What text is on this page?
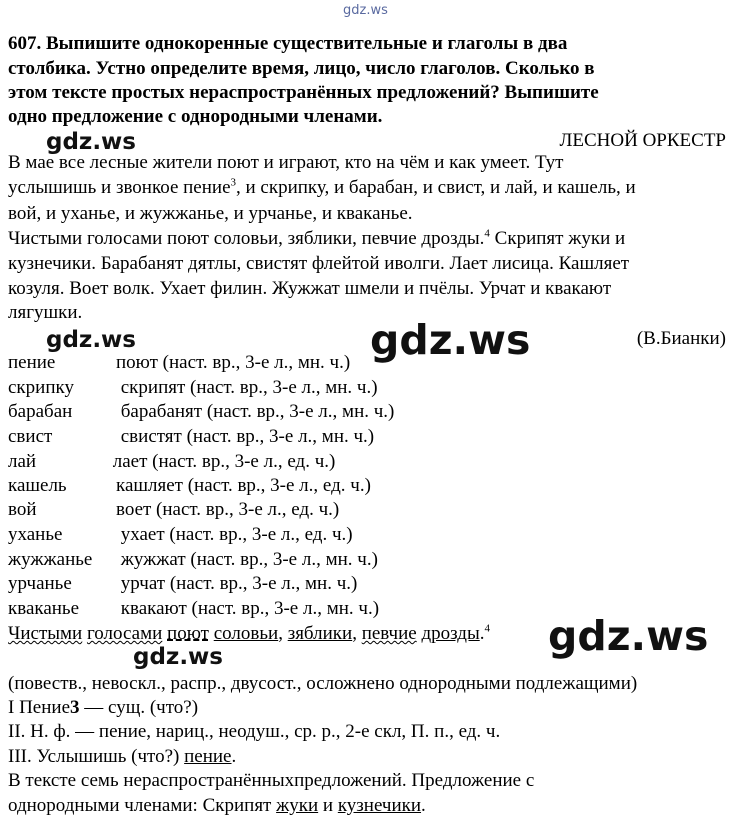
gdz.ws
607. Выпишите однокоренные существительные и глаголы в два
столбика. Устно определите время, лицо, число глаголов. Сколько в
этом тексте простых нераспространённых предложений? Выпишите
одно предложение с однородными членами.
gdz.ws	ЛЕСНОЙ ОРКЕСТР
В мае все лесные жители поют и играют, кто на чём и как умеет. Тут
услышишь и звонкое пение$^3$, и скрипку, и барабан, и свист, и лай, и кашель, и
вой, и уханье, и жужжанье, и урчанье, и кваканье.
Чистыми голосами поют соловьи, зяблики, певчие дрозды.$^4$ Скрипят жуки и
кузнечики. Барабанят дятлы, свистят флейтой иволги. Лает лисица. Кашляет
козуля. Воет волк. Ухает филин. Жужжат шмели и пчёлы. Урчат и квакают
лягушки.
gdz.ws	gdz.ws	(В.Бианки)
пение	поют (наст. вр., 3-е л., мн. ч.)
скрипку скрипят (наст. вр., 3-е л., мн. ч.)
барабан барабанят (наст. вр., 3-е л., мн. ч.)
свист	свистят (наст. вр., 3-е л., мн. ч.)
лай	лает (наст. вр., 3-е л., ед. ч.)
кашель	кашляет (наст. вр., 3-е л., ед. ч.)
вой	воет (наст. вр., 3-е л., ед. ч.)
уханье	ухает (наст. вр., 3-е л., ед. ч.)
жужжанье жужжат (наст. вр., 3-е л., мн. ч.)
урчанье урчат (наст. вр., 3-е л., мн. ч.)
кваканье квакают (наст. вр., 3-е л., мн. ч.)
Чистыми голосами поют соловьи, зяблики, певчие дрозды.$^4$ gdz.ws
gdz.ws
(повеств., невоскл., распр., двусост., осложнено однородными подлежащими)
I Пение3 — сущ. (что?)
II. Н. ф. — пение, нариц., неодуш., ср. р., 2-е скл, П. п., ед. ч.
III. Услышишь (что?) пение.
В тексте семь нераспространённыхпредложений. Предложение с
однородными членами: Скрипят жуки и кузнечики.
